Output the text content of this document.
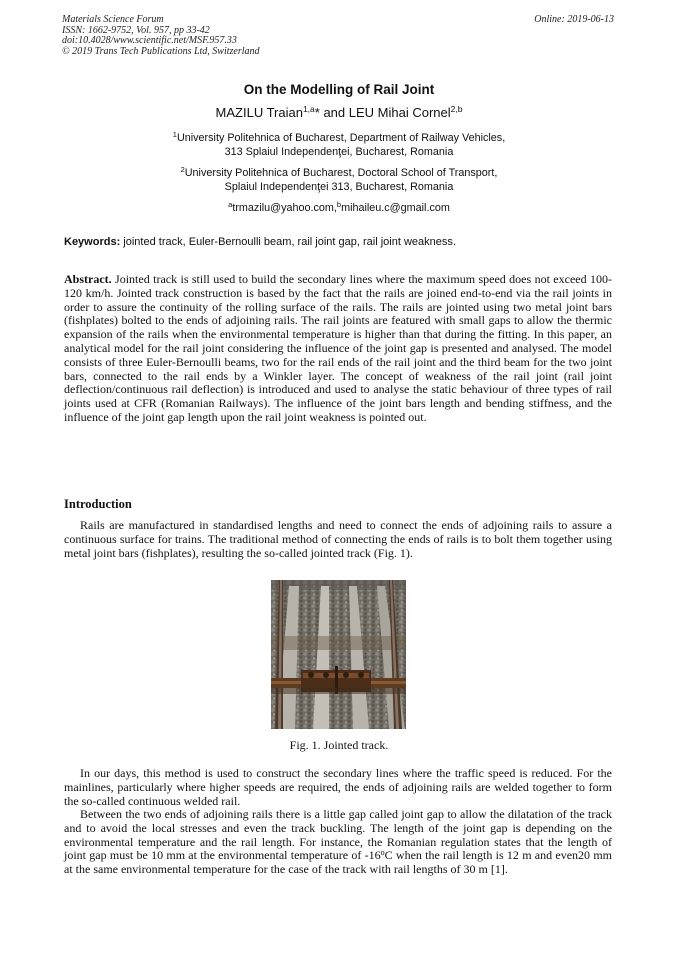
Materials Science Forum
ISSN: 1662-9752, Vol. 957, pp 33-42
doi:10.4028/www.scientific.net/MSF.957.33
© 2019 Trans Tech Publications Ltd, Switzerland
Online: 2019-06-13
On the Modelling of Rail Joint
MAZILU Traian$^{1,a}$* and LEU Mihai Cornel$^{2,b}$
$^1$University Politehnica of Bucharest, Department of Railway Vehicles,
313 Splaiul Independenţei, Bucharest, Romania
$^2$University Politehnica of Bucharest, Doctoral School of Transport,
Splaiul Independenţei 313, Bucharest, Romania
$^a$trmazilu@yahoo.com,$^b$mihaileu.c@gmail.com
Keywords: jointed track, Euler-Bernoulli beam, rail joint gap, rail joint weakness.
Abstract. Jointed track is still used to build the secondary lines where the maximum speed does not exceed 100-120 km/h. Jointed track construction is based by the fact that the rails are joined end-to-end via the rail joints in order to assure the continuity of the rolling surface of the rails. The rails are jointed using two metal joint bars (fishplates) bolted to the ends of adjoining rails. The rail joints are featured with small gaps to allow the thermic expansion of the rails when the environmental temperature is higher than that during the fitting. In this paper, an analytical model for the rail joint considering the influence of the joint gap is presented and analysed. The model consists of three Euler-Bernoulli beams, two for the rail ends of the rail joint and the third beam for the two joint bars, connected to the rail ends by a Winkler layer. The concept of weakness of the rail joint (rail joint deflection/continuous rail deflection) is introduced and used to analyse the static behaviour of three types of rail joints used at CFR (Romanian Railways). The influence of the joint bars length and bending stiffness, and the influence of the joint gap length upon the rail joint weakness is pointed out.
Introduction
Rails are manufactured in standardised lengths and need to connect the ends of adjoining rails to assure a continuous surface for trains. The traditional method of connecting the ends of rails is to bolt them together using metal joint bars (fishplates), resulting the so-called jointed track (Fig. 1).
Fig. 1. Jointed track.
In our days, this method is used to construct the secondary lines where the traffic speed is reduced. For the mainlines, particularly where higher speeds are required, the ends of adjoining rails are welded together to form the so-called continuous welded rail.
Between the two ends of adjoining rails there is a little gap called joint gap to allow the dilatation of the track and to avoid the local stresses and even the track buckling. The length of the joint gap is depending on the environmental temperature and the rail length. For instance, the Romanian regulation states that the length of joint gap must be 10 mm at the environmental temperature of -16$^o$C when the rail length is 12 m and even20 mm at the same environmental temperature for the case of the track with rail lengths of 30 m [1].
